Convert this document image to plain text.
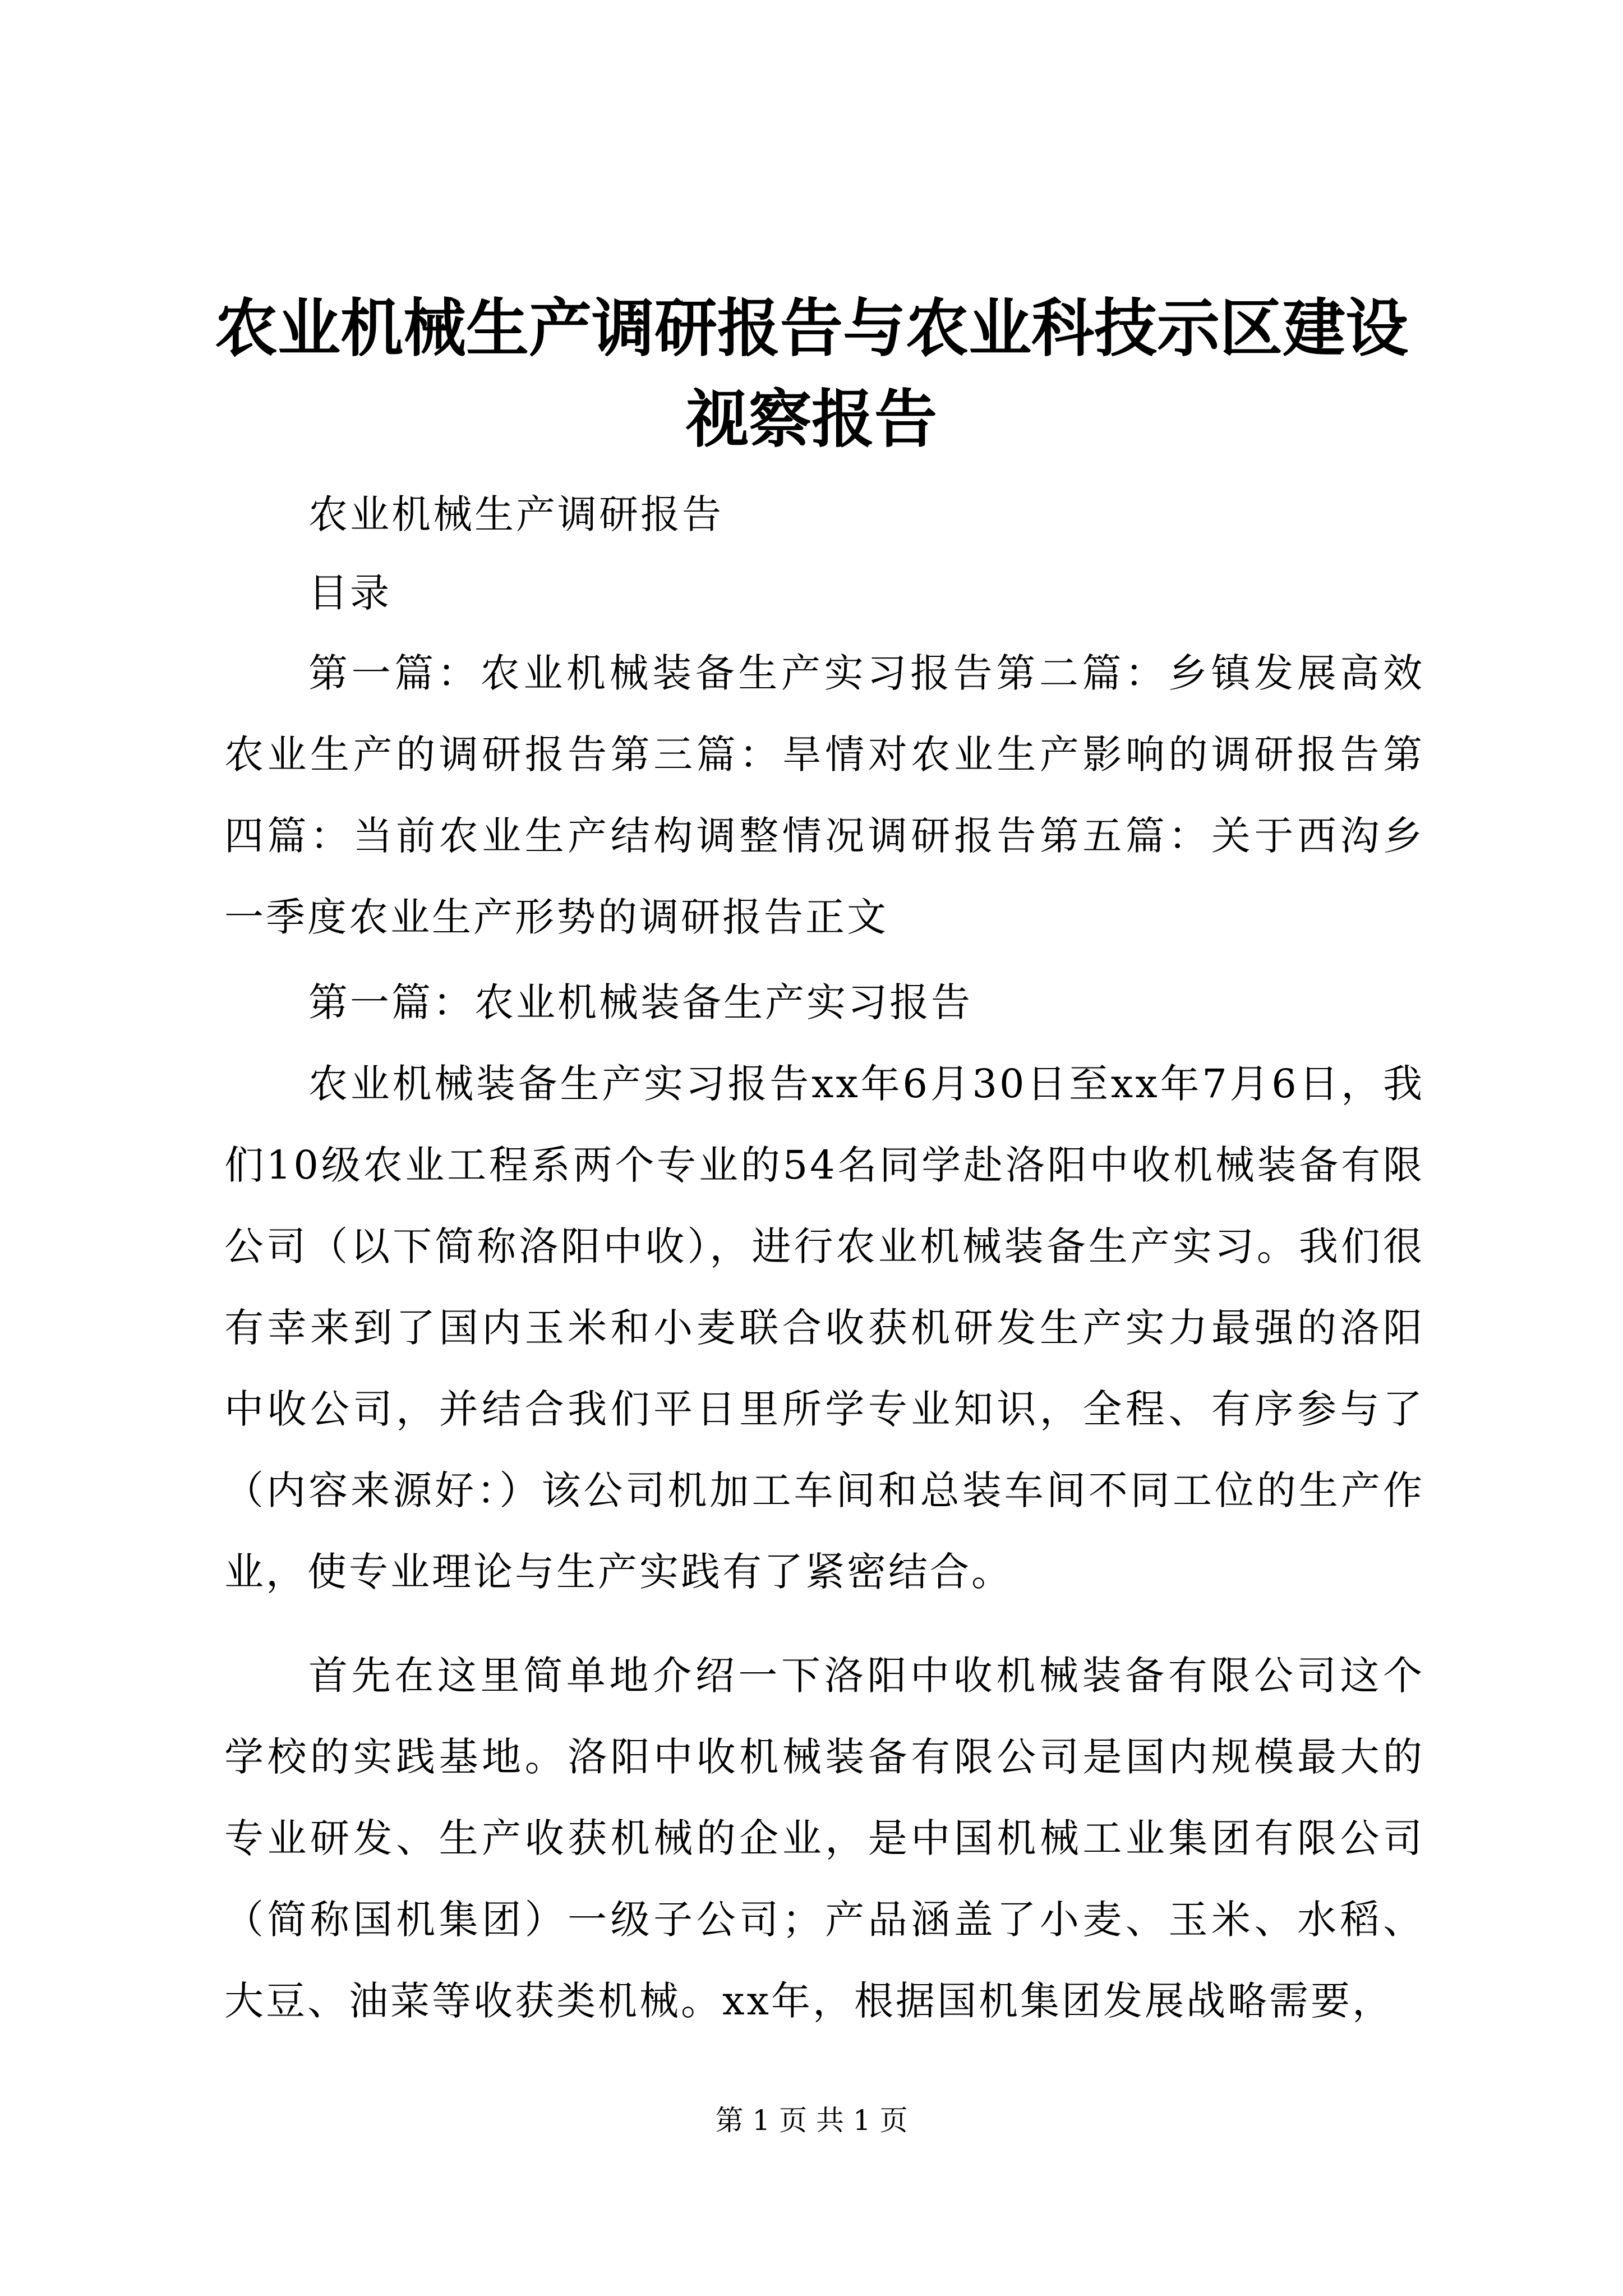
农业机械生产调研报告与农业科技示区建设视察报告

农业机械生产调研报告

目录

第一篇：农业机械装备生产实习报告第二篇：乡镇发展高效农业生产的调研报告第三篇：旱情对农业生产影响的调研报告第四篇：当前农业生产结构调整情况调研报告第五篇：关于西沟乡一季度农业生产形势的调研报告正文

第一篇：农业机械装备生产实习报告

农业机械装备生产实习报告xx年6月30日至xx年7月6日，我们10级农业工程系两个专业的54名同学赴洛阳中收机械装备有限公司（以下简称洛阳中收），进行农业机械装备生产实习。我们很有幸来到了国内玉米和小麦联合收获机研发生产实力最强的洛阳中收公司，并结合我们平日里所学专业知识，全程、有序参与了（内容来源好：）该公司机加工车间和总装车间不同工位的生产作业，使专业理论与生产实践有了紧密结合。

首先在这里简单地介绍一下洛阳中收机械装备有限公司这个学校的实践基地。洛阳中收机械装备有限公司是国内规模最大的专业研发、生产收获机械的企业，是中国机械工业集团有限公司（简称国机集团）一级子公司；产品涵盖了小麦、玉米、水稻、大豆、油菜等收获类机械。xx年，根据国机集团发展战略需要，

第 1 页 共 1 页
